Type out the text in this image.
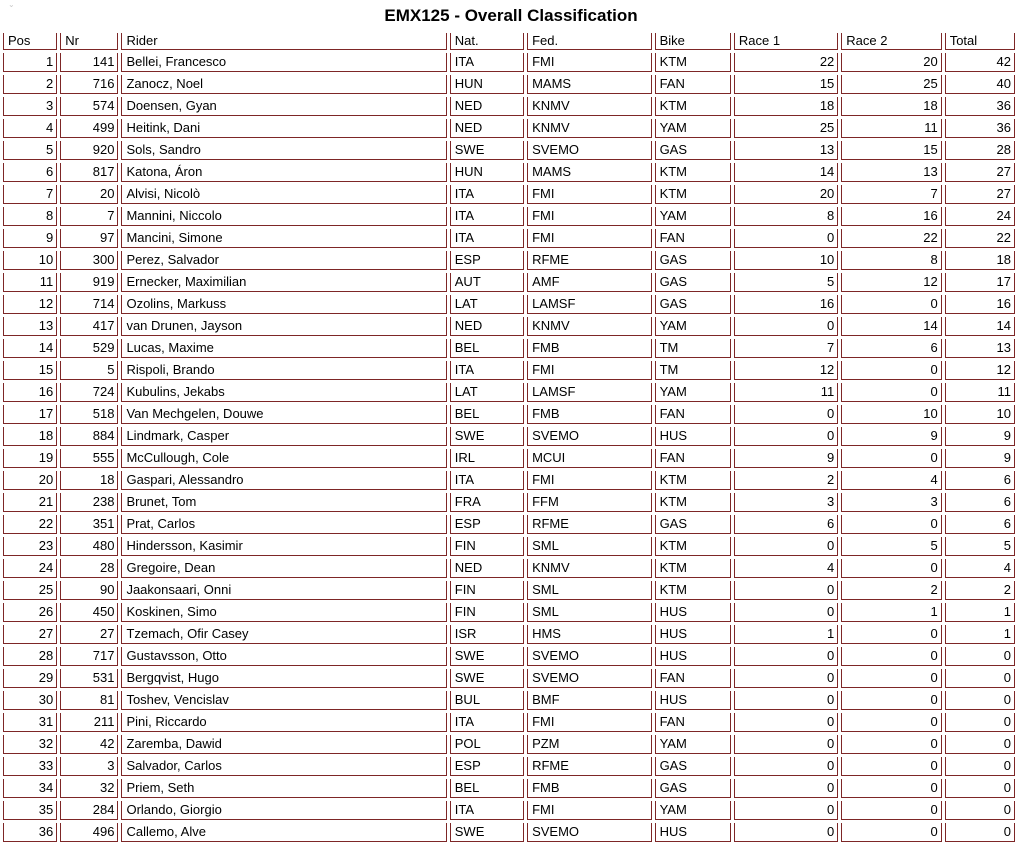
⌄
EMX125 - Overall Classification
Pos	Nr	Rider	Nat.	Fed.	Bike	Race 1	Race 2	Total
1	141	Bellei, Francesco	ITA	FMI	KTM	22	20	42
2	716	Zanocz, Noel	HUN	MAMS	FAN	15	25	40
3	574	Doensen, Gyan	NED	KNMV	KTM	18	18	36
4	499	Heitink, Dani	NED	KNMV	YAM	25	11	36
5	920	Sols, Sandro	SWE	SVEMO	GAS	13	15	28
6	817	Katona, Áron	HUN	MAMS	KTM	14	13	27
7	20	Alvisi, Nicolò	ITA	FMI	KTM	20	7	27
8	7	Mannini, Niccolo	ITA	FMI	YAM	8	16	24
9	97	Mancini, Simone	ITA	FMI	FAN	0	22	22
10	300	Perez, Salvador	ESP	RFME	GAS	10	8	18
11	919	Ernecker, Maximilian	AUT	AMF	GAS	5	12	17
12	714	Ozolins, Markuss	LAT	LAMSF	GAS	16	0	16
13	417	van Drunen, Jayson	NED	KNMV	YAM	0	14	14
14	529	Lucas, Maxime	BEL	FMB	TM	7	6	13
15	5	Rispoli, Brando	ITA	FMI	TM	12	0	12
16	724	Kubulins, Jekabs	LAT	LAMSF	YAM	11	0	11
17	518	Van Mechgelen, Douwe	BEL	FMB	FAN	0	10	10
18	884	Lindmark, Casper	SWE	SVEMO	HUS	0	9	9
19	555	McCullough, Cole	IRL	MCUI	FAN	9	0	9
20	18	Gaspari, Alessandro	ITA	FMI	KTM	2	4	6
21	238	Brunet, Tom	FRA	FFM	KTM	3	3	6
22	351	Prat, Carlos	ESP	RFME	GAS	6	0	6
23	480	Hindersson, Kasimir	FIN	SML	KTM	0	5	5
24	28	Gregoire, Dean	NED	KNMV	KTM	4	0	4
25	90	Jaakonsaari, Onni	FIN	SML	KTM	0	2	2
26	450	Koskinen, Simo	FIN	SML	HUS	0	1	1
27	27	Tzemach, Ofir Casey	ISR	HMS	HUS	1	0	1
28	717	Gustavsson, Otto	SWE	SVEMO	HUS	0	0	0
29	531	Bergqvist, Hugo	SWE	SVEMO	FAN	0	0	0
30	81	Toshev, Vencislav	BUL	BMF	HUS	0	0	0
31	211	Pini, Riccardo	ITA	FMI	FAN	0	0	0
32	42	Zaremba, Dawid	POL	PZM	YAM	0	0	0
33	3	Salvador, Carlos	ESP	RFME	GAS	0	0	0
34	32	Priem, Seth	BEL	FMB	GAS	0	0	0
35	284	Orlando, Giorgio	ITA	FMI	YAM	0	0	0
36	496	Callemo, Alve	SWE	SVEMO	HUS	0	0	0
